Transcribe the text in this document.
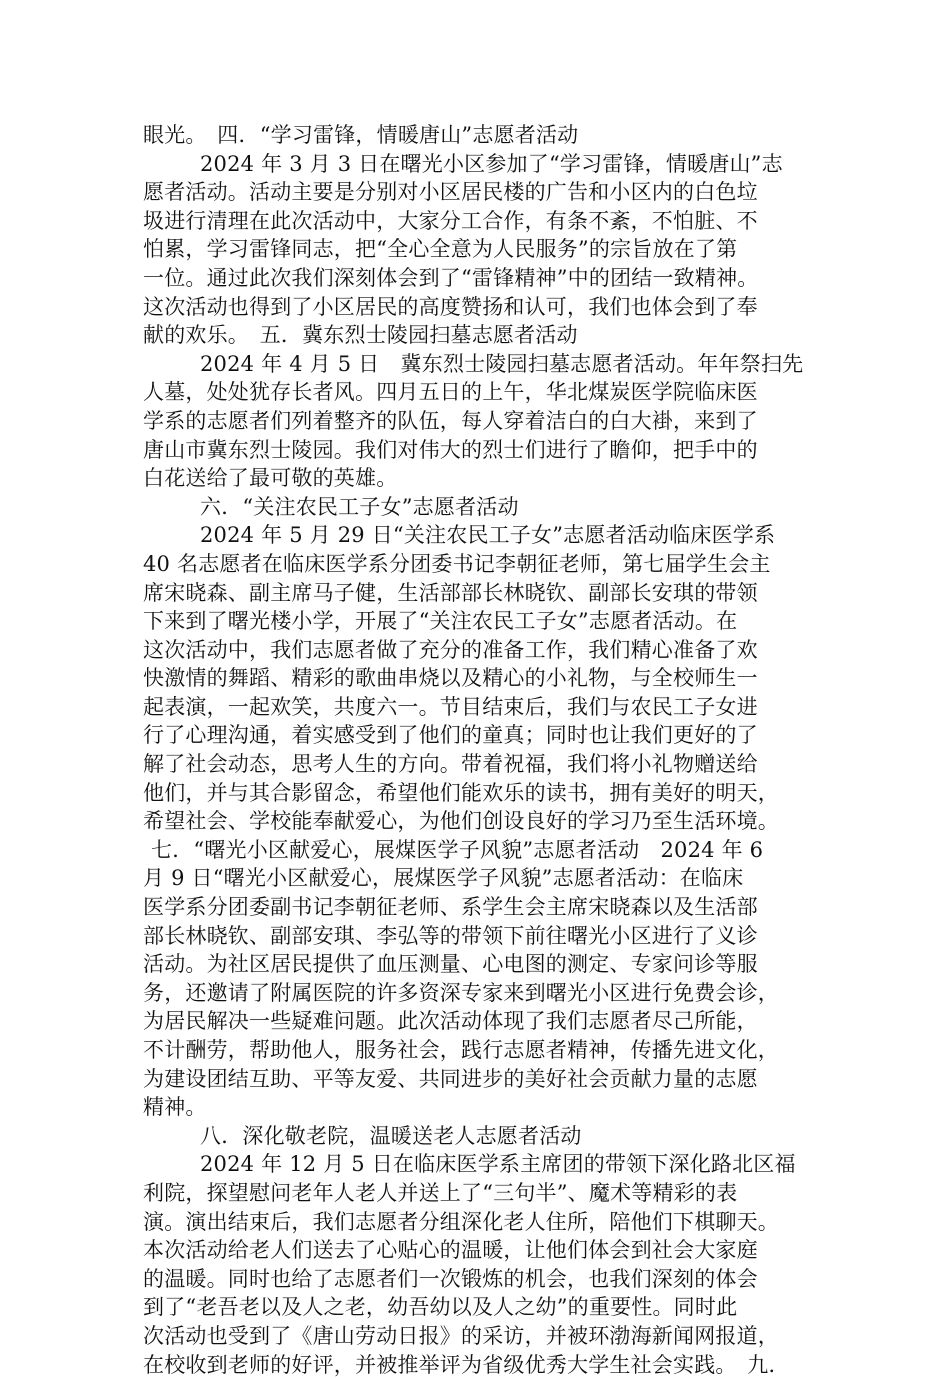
眼光。　四．“学习雷锋，情暖唐山”志愿者活动
2024 年 3 月 3 日在曙光小区参加了“学习雷锋，情暖唐山”志
愿者活动。活动主要是分别对小区居民楼的广告和小区内的白色垃
圾进行清理在此次活动中，大家分工合作，有条不紊，不怕脏、不
怕累，学习雷锋同志，把“全心全意为人民服务”的宗旨放在了第
一位。通过此次我们深刻体会到了“雷锋精神”中的团结一致精神。
这次活动也得到了小区居民的高度赞扬和认可，我们也体会到了奉
献的欢乐。　五．冀东烈士陵园扫墓志愿者活动
2024 年 4 月 5 日　冀东烈士陵园扫墓志愿者活动。年年祭扫先
人墓，处处犹存长者风。四月五日的上午，华北煤炭医学院临床医
学系的志愿者们列着整齐的队伍，每人穿着洁白的白大褂，来到了
唐山市冀东烈士陵园。我们对伟大的烈士们进行了瞻仰，把手中的
白花送给了最可敬的英雄。
六．“关注农民工子女”志愿者活动
2024 年 5 月 29 日“关注农民工子女”志愿者活动临床医学系
40 名志愿者在临床医学系分团委书记李朝征老师，第七届学生会主
席宋晓森、副主席马子健，生活部部长林晓钦、副部长安琪的带领
下来到了曙光楼小学，开展了“关注农民工子女”志愿者活动。在
这次活动中，我们志愿者做了充分的准备工作，我们精心准备了欢
快激情的舞蹈、精彩的歌曲串烧以及精心的小礼物，与全校师生一
起表演，一起欢笑，共度六一。节目结束后，我们与农民工子女进
行了心理沟通，着实感受到了他们的童真；同时也让我们更好的了
解了社会动态，思考人生的方向。带着祝福，我们将小礼物赠送给
他们，并与其合影留念，希望他们能欢乐的读书，拥有美好的明天，
希望社会、学校能奉献爱心，为他们创设良好的学习乃至生活环境。
七．“曙光小区献爱心，展煤医学子风貌”志愿者活动　2024 年 6
月 9 日“曙光小区献爱心，展煤医学子风貌”志愿者活动：在临床
医学系分团委副书记李朝征老师、系学生会主席宋晓森以及生活部
部长林晓钦、副部安琪、李弘等的带领下前往曙光小区进行了义诊
活动。为社区居民提供了血压测量、心电图的测定、专家问诊等服
务，还邀请了附属医院的许多资深专家来到曙光小区进行免费会诊，
为居民解决一些疑难问题。此次活动体现了我们志愿者尽己所能，
不计酬劳，帮助他人，服务社会，践行志愿者精神，传播先进文化，
为建设团结互助、平等友爱、共同进步的美好社会贡献力量的志愿
精神。
八．深化敬老院，温暖送老人志愿者活动
2024 年 12 月 5 日在临床医学系主席团的带领下深化路北区福
利院，探望慰问老年人老人并送上了“三句半”、魔术等精彩的表
演。演出结束后，我们志愿者分组深化老人住所，陪他们下棋聊天。
本次活动给老人们送去了心贴心的温暖，让他们体会到社会大家庭
的温暖。同时也给了志愿者们一次锻炼的机会，也我们深刻的体会
到了“老吾老以及人之老，幼吾幼以及人之幼”的重要性。同时此
次活动也受到了《唐山劳动日报》的采访，并被环渤海新闻网报道，
在校收到老师的好评，并被推举评为省级优秀大学生社会实践。　九．
